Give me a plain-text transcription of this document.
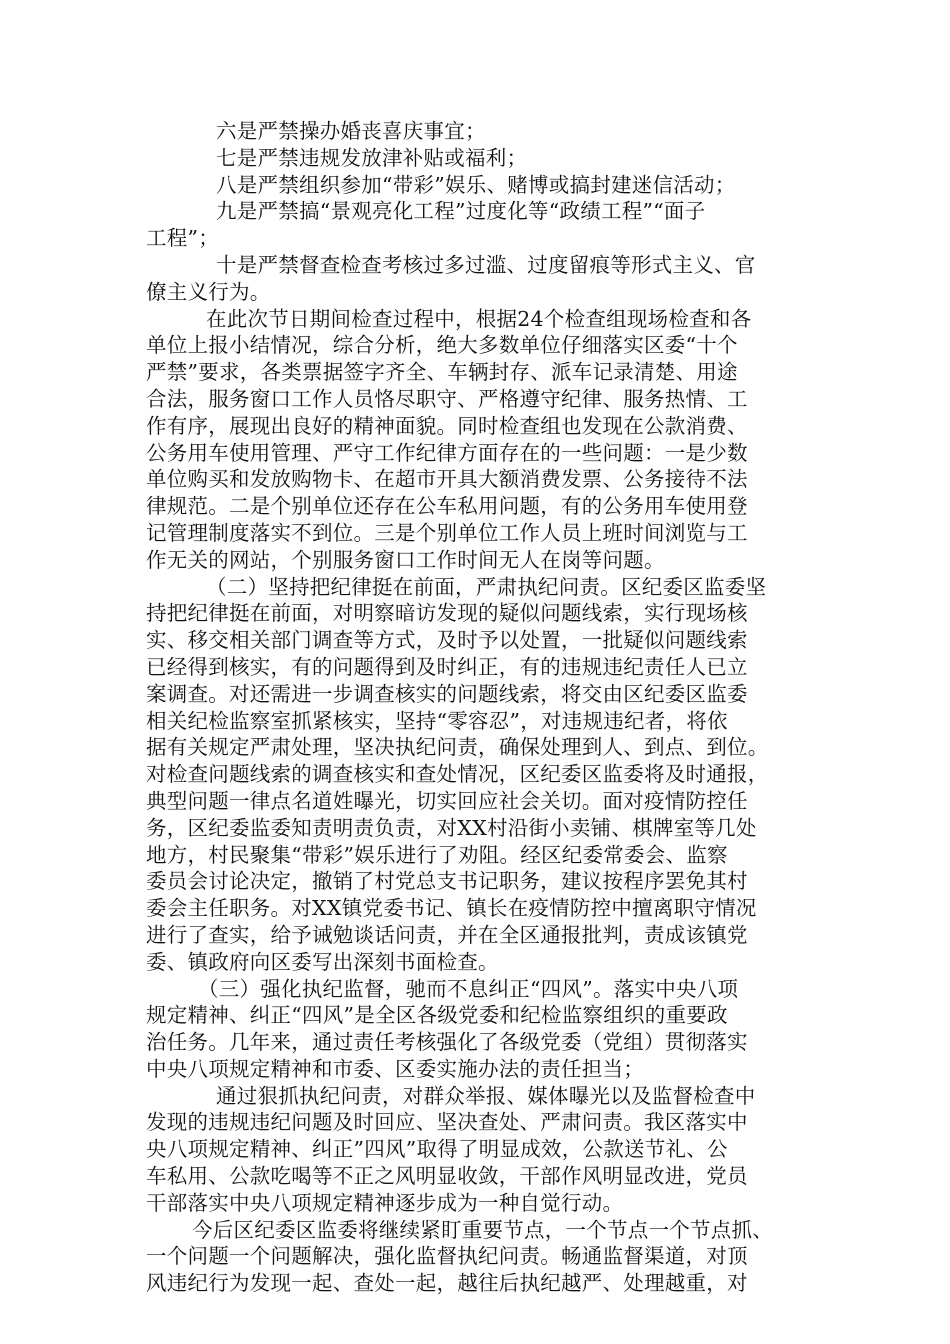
六是严禁操办婚丧喜庆事宜；
七是严禁违规发放津补贴或福利；
八是严禁组织参加“带彩”娱乐、赌博或搞封建迷信活动；
九是严禁搞“景观亮化工程”过度化等“政绩工程”“面子
工程”；
十是严禁督查检查考核过多过滥、过度留痕等形式主义、官
僚主义行为。
在此次节日期间检查过程中，根据24个检查组现场检查和各
单位上报小结情况，综合分析，绝大多数单位仔细落实区委“十个
严禁”要求，各类票据签字齐全、车辆封存、派车记录清楚、用途
合法，服务窗口工作人员恪尽职守、严格遵守纪律、服务热情、工
作有序，展现出良好的精神面貌。同时检查组也发现在公款消费、
公务用车使用管理、严守工作纪律方面存在的一些问题：一是少数
单位购买和发放购物卡、在超市开具大额消费发票、公务接待不法
律规范。二是个别单位还存在公车私用问题，有的公务用车使用登
记管理制度落实不到位。三是个别单位工作人员上班时间浏览与工
作无关的网站，个别服务窗口工作时间无人在岗等问题。
（二）坚持把纪律挺在前面，严肃执纪问责。区纪委区监委坚
持把纪律挺在前面，对明察暗访发现的疑似问题线索，实行现场核
实、移交相关部门调查等方式，及时予以处置，一批疑似问题线索
已经得到核实，有的问题得到及时纠正，有的违规违纪责任人已立
案调查。对还需进一步调查核实的问题线索，将交由区纪委区监委
相关纪检监察室抓紧核实，坚持“零容忍”，对违规违纪者，将依
据有关规定严肃处理，坚决执纪问责，确保处理到人、到点、到位。
对检查问题线索的调查核实和查处情况，区纪委区监委将及时通报，
典型问题一律点名道姓曝光，切实回应社会关切。面对疫情防控任
务，区纪委监委知责明责负责，对XX村沿街小卖铺、棋牌室等几处
地方，村民聚集“带彩”娱乐进行了劝阻。经区纪委常委会、监察
委员会讨论决定，撤销了村党总支书记职务，建议按程序罢免其村
委会主任职务。对XX镇党委书记、镇长在疫情防控中擅离职守情况
进行了查实，给予诫勉谈话问责，并在全区通报批判，责成该镇党
委、镇政府向区委写出深刻书面检查。
（三）强化执纪监督，驰而不息纠正“四风”。落实中央八项
规定精神、纠正“四风”是全区各级党委和纪检监察组织的重要政
治任务。几年来，通过责任考核强化了各级党委（党组）贯彻落实
中央八项规定精神和市委、区委实施办法的责任担当；
通过狠抓执纪问责，对群众举报、媒体曝光以及监督检查中
发现的违规违纪问题及时回应、坚决查处、严肃问责。我区落实中
央八项规定精神、纠正”四风”取得了明显成效，公款送节礼、公
车私用、公款吃喝等不正之风明显收敛，干部作风明显改进，党员
干部落实中央八项规定精神逐步成为一种自觉行动。
今后区纪委区监委将继续紧盯重要节点，一个节点一个节点抓、
一个问题一个问题解决，强化监督执纪问责。畅通监督渠道，对顶
风违纪行为发现一起、查处一起，越往后执纪越严、处理越重，对
